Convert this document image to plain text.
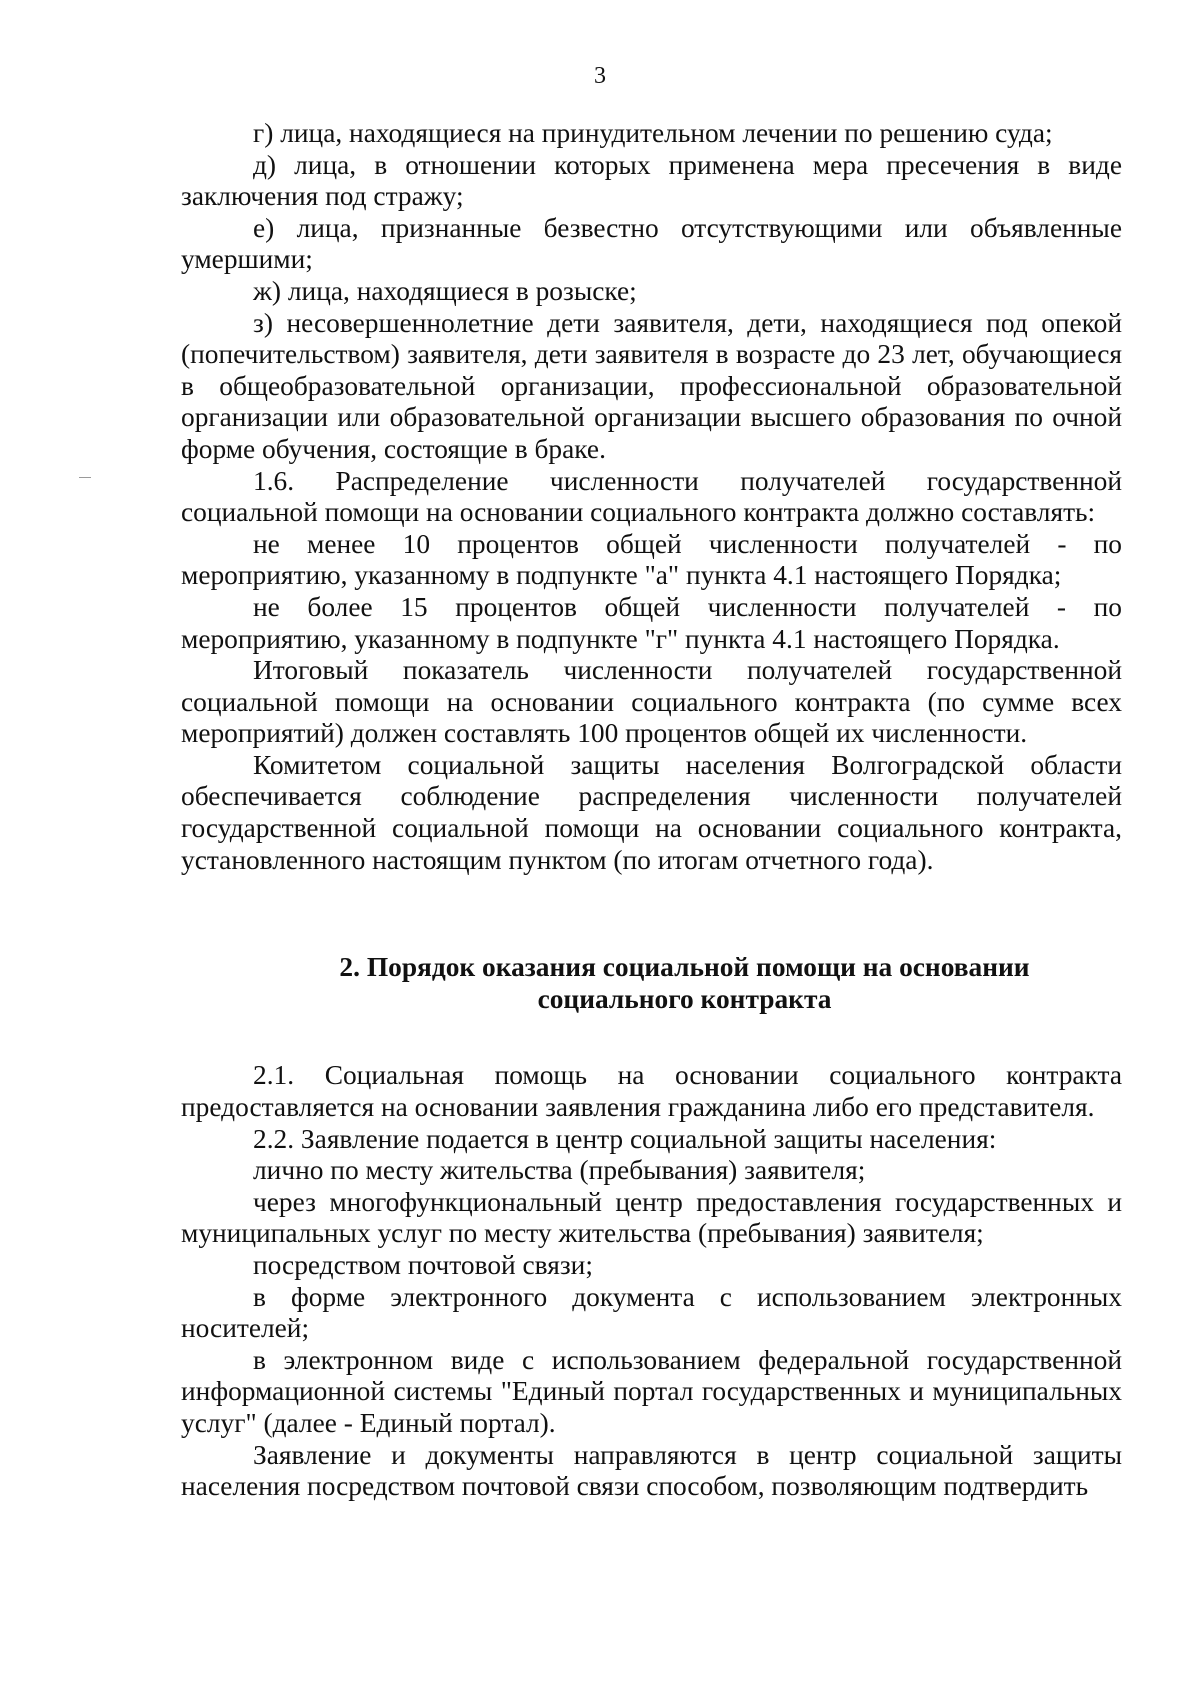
3

г) лица, находящиеся на принудительном лечении по решению суда;

д) лица, в отношении которых применена мера пресечения в виде заключения под стражу;

е) лица, признанные безвестно отсутствующими или объявленные умершими;

ж) лица, находящиеся в розыске;

з) несовершеннолетние дети заявителя, дети, находящиеся под опекой (попечительством) заявителя, дети заявителя в возрасте до 23 лет, обучающиеся в общеобразовательной организации, профессиональной образовательной организации или образовательной организации высшего образования по очной форме обучения, состоящие в браке.

1.6. Распределение численности получателей государственной социальной помощи на основании социального контракта должно составлять:

не менее 10 процентов общей численности получателей - по мероприятию, указанному в подпункте "а" пункта 4.1 настоящего Порядка;

не более 15 процентов общей численности получателей - по мероприятию, указанному в подпункте "г" пункта 4.1 настоящего Порядка.

Итоговый показатель численности получателей государственной социальной помощи на основании социального контракта (по сумме всех мероприятий) должен составлять 100 процентов общей их численности.

Комитетом социальной защиты населения Волгоградской области обеспечивается соблюдение распределения численности получателей государственной социальной помощи на основании социального контракта, установленного настоящим пунктом (по итогам отчетного года).

2. Порядок оказания социальной помощи на основании
социального контракта

2.1. Социальная помощь на основании социального контракта предоставляется на основании заявления гражданина либо его представителя.

2.2. Заявление подается в центр социальной защиты населения:

лично по месту жительства (пребывания) заявителя;

через многофункциональный центр предоставления государственных и муниципальных услуг по месту жительства (пребывания) заявителя;

посредством почтовой связи;

в форме электронного документа с использованием электронных носителей;

в электронном виде с использованием федеральной государственной информационной системы "Единый портал государственных и муниципальных услуг" (далее - Единый портал).

Заявление и документы направляются в центр социальной защиты населения посредством почтовой связи способом, позволяющим подтвердить
